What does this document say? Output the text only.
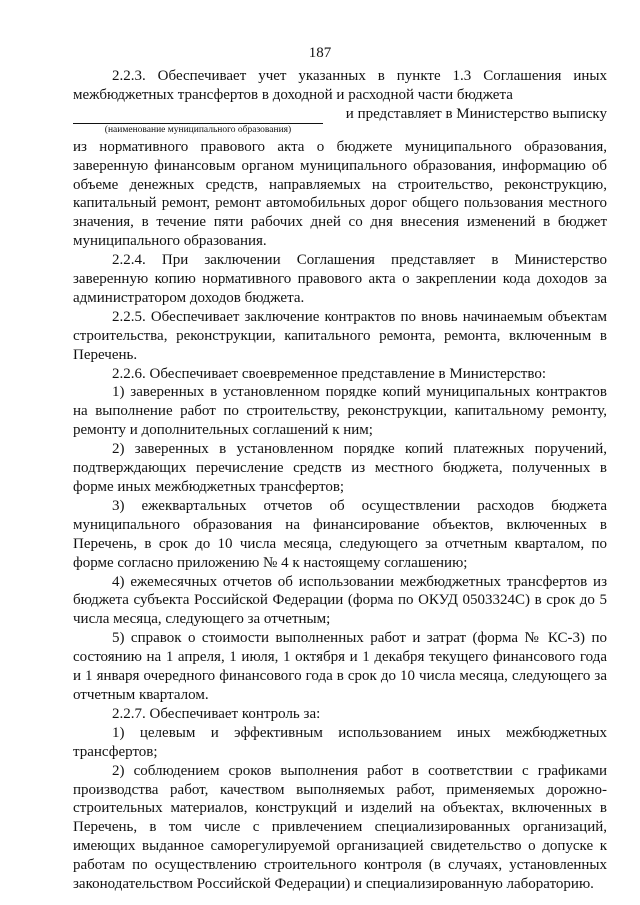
187

2.2.3. Обеспечивает учет указанных в пункте 1.3 Соглашения иных межбюджетных трансфертов в доходной и расходной части бюджета

и представляет в Министерство выписку
(наименование муниципального образования)

из нормативного правового акта о бюджете муниципального образования, заверенную финансовым органом муниципального образования, информацию об объеме денежных средств, направляемых на строительство, реконструкцию, капитальный ремонт, ремонт автомобильных дорог общего пользования местного значения, в течение пяти рабочих дней со дня внесения изменений в бюджет муниципального образования.

2.2.4. При заключении Соглашения представляет в Министерство заверенную копию нормативного правового акта о закреплении кода доходов за администратором доходов бюджета.

2.2.5. Обеспечивает заключение контрактов по вновь начинаемым объектам строительства, реконструкции, капитального ремонта, ремонта, включенным в Перечень.

2.2.6. Обеспечивает своевременное представление в Министерство:

1) заверенных в установленном порядке копий муниципальных контрактов на выполнение работ по строительству, реконструкции, капитальному ремонту, ремонту и дополнительных соглашений к ним;

2) заверенных в установленном порядке копий платежных поручений, подтверждающих перечисление средств из местного бюджета, полученных в форме иных межбюджетных трансфертов;

3) ежеквартальных отчетов об осуществлении расходов бюджета муниципального образования на финансирование объектов, включенных в Перечень, в срок до 10 числа месяца, следующего за отчетным кварталом, по форме согласно приложению № 4 к настоящему соглашению;

4) ежемесячных отчетов об использовании межбюджетных трансфертов из бюджета субъекта Российской Федерации (форма по ОКУД 0503324С) в срок до 5 числа месяца, следующего за отчетным;

5) справок о стоимости выполненных работ и затрат (форма № КС-3) по состоянию на 1 апреля, 1 июля, 1 октября и 1 декабря текущего финансового года и 1 января очередного финансового года в срок до 10 числа месяца, следующего за отчетным кварталом.

2.2.7. Обеспечивает контроль за:

1) целевым и эффективным использованием иных межбюджетных трансфертов;

2) соблюдением сроков выполнения работ в соответствии с графиками производства работ, качеством выполняемых работ, применяемых дорожно-строительных материалов, конструкций и изделий на объектах, включенных в Перечень, в том числе с привлечением специализированных организаций, имеющих выданное саморегулируемой организацией свидетельство о допуске к работам по осуществлению строительного контроля (в случаях, установленных законодательством Российской Федерации) и специализированную лабораторию.
